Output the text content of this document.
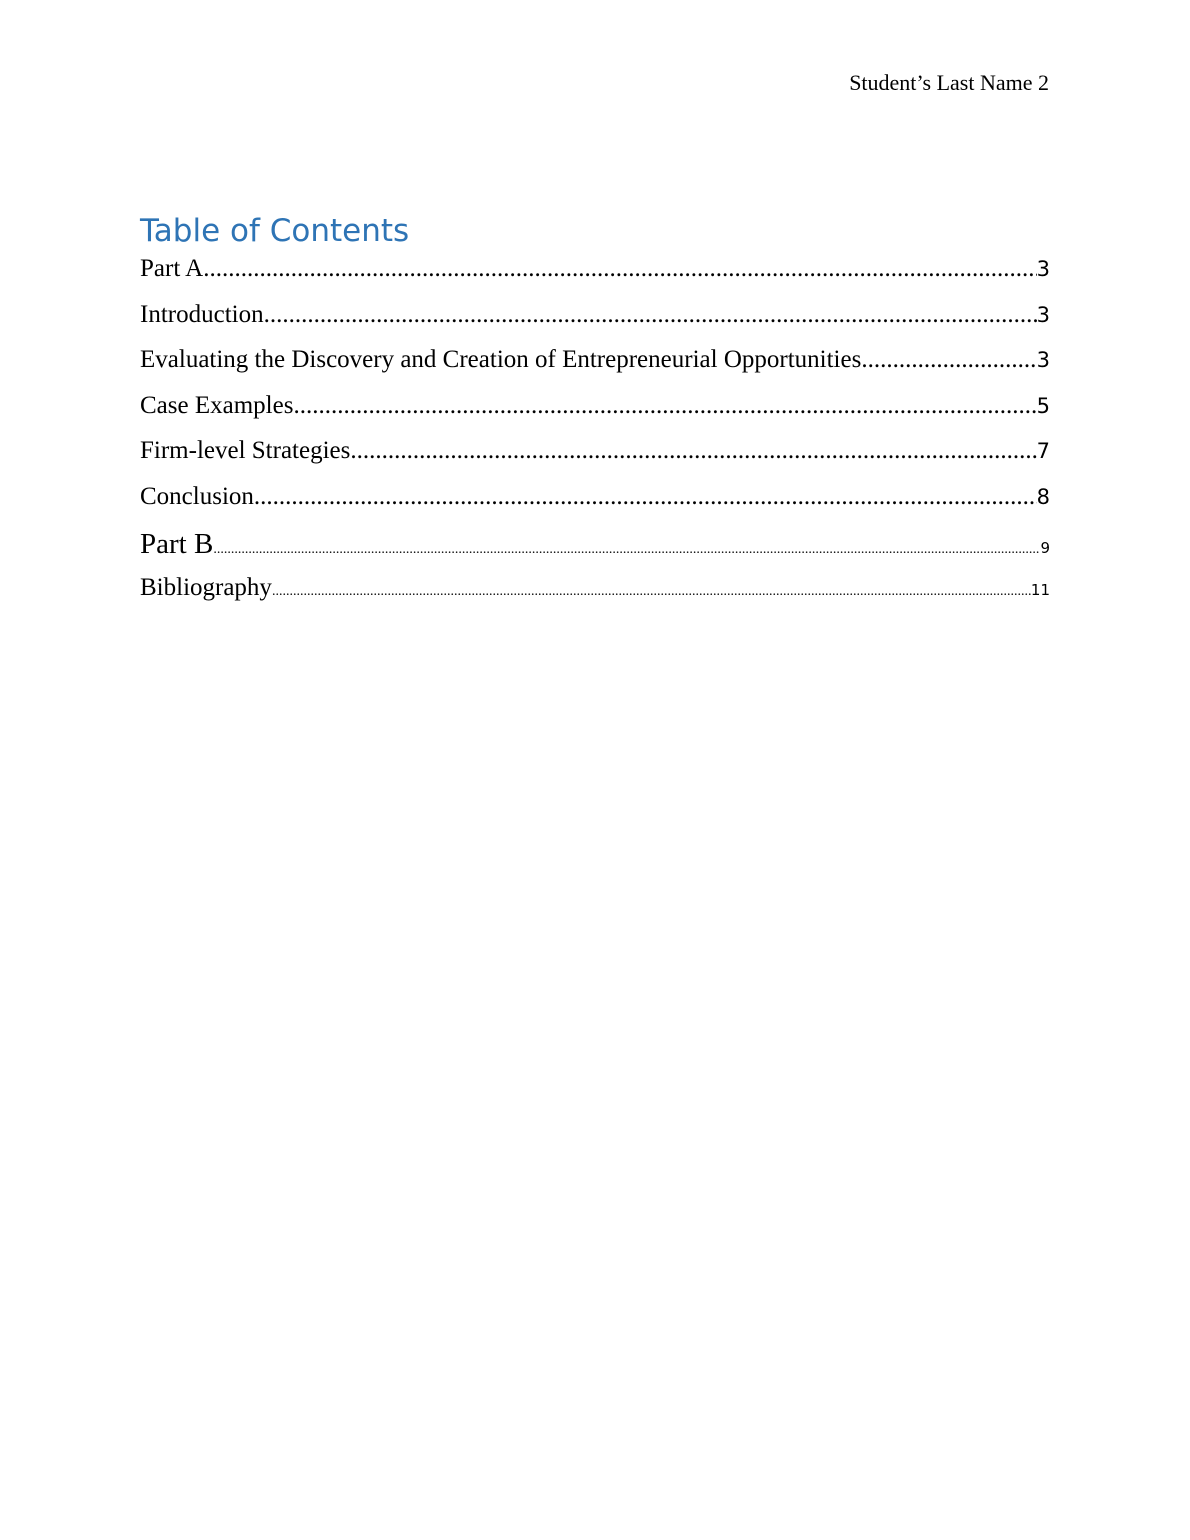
Student’s Last Name 2
Table of Contents
Part A .....	3
Introduction .....	3
Evaluating the Discovery and Creation of Entrepreneurial Opportunities .....	3
Case Examples .....	5
Firm-level Strategies .....	7
Conclusion .....	8
Part B .....	9
Bibliography .....	11
